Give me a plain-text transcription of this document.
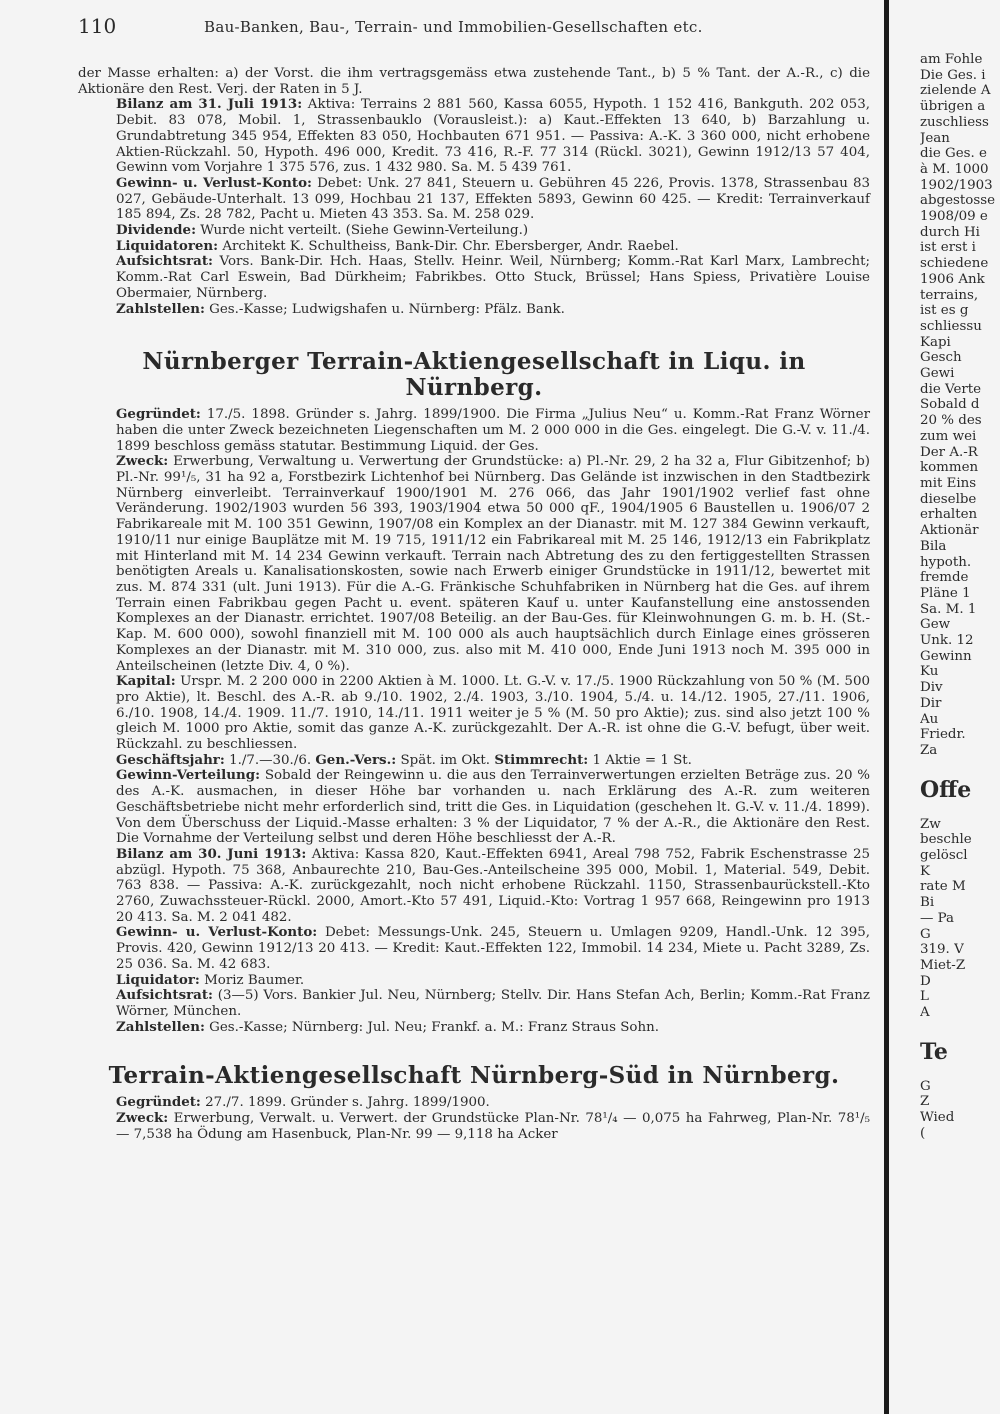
110	Bau-Banken, Bau-, Terrain- und Immobilien-Gesellschaften etc.

der Masse erhalten: a) der Vorst. die ihm vertragsgemäss etwa zustehende Tant., b) 5 % Tant. der A.-R., c) die Aktionäre den Rest. Verj. der Raten in 5 J.

Bilanz am 31. Juli 1913: Aktiva: Terrains 2 881 560, Kassa 6055, Hypoth. 1 152 416, Bankguth. 202 053, Debit. 83 078, Mobil. 1, Strassenbauklo (Vorausleist.): a) Kaut.-Effekten 13 640, b) Barzahlung u. Grundabtretung 345 954, Effekten 83 050, Hochbauten 671 951. — Passiva: A.-K. 3 360 000, nicht erhobene Aktien-Rückzahl. 50, Hypoth. 496 000, Kredit. 73 416, R.-F. 77 314 (Rückl. 3021), Gewinn 1912/13 57 404, Gewinn vom Vorjahre 1 375 576, zus. 1 432 980. Sa. M. 5 439 761.

Gewinn- u. Verlust-Konto: Debet: Unk. 27 841, Steuern u. Gebühren 45 226, Provis. 1378, Strassenbau 83 027, Gebäude-Unterhalt. 13 099, Hochbau 21 137, Effekten 5893, Gewinn 60 425. — Kredit: Terrainverkauf 185 894, Zs. 28 782, Pacht u. Mieten 43 353. Sa. M. 258 029.

Dividende: Wurde nicht verteilt. (Siehe Gewinn-Verteilung.)

Liquidatoren: Architekt K. Schultheiss, Bank-Dir. Chr. Ebersberger, Andr. Raebel.

Aufsichtsrat: Vors. Bank-Dir. Hch. Haas, Stellv. Heinr. Weil, Nürnberg; Komm.-Rat Karl Marx, Lambrecht; Komm.-Rat Carl Eswein, Bad Dürkheim; Fabrikbes. Otto Stuck, Brüssel; Hans Spiess, Privatière Louise Obermaier, Nürnberg.

Zahlstellen: Ges.-Kasse; Ludwigshafen u. Nürnberg: Pfälz. Bank.

Nürnberger Terrain-Aktiengesellschaft in Liqu. in Nürnberg.

Gegründet: 17./5. 1898. Gründer s. Jahrg. 1899/1900. Die Firma „Julius Neu“ u. Komm.-Rat Franz Wörner haben die unter Zweck bezeichneten Liegenschaften um M. 2 000 000 in die Ges. eingelegt. Die G.-V. v. 11./4. 1899 beschloss gemäss statutar. Bestimmung Liquid. der Ges.

Zweck: Erwerbung, Verwaltung u. Verwertung der Grundstücke: a) Pl.-Nr. 29, 2 ha 32 a, Flur Gibitzenhof; b) Pl.-Nr. 99¹/₅, 31 ha 92 a, Forstbezirk Lichtenhof bei Nürnberg. Das Gelände ist inzwischen in den Stadtbezirk Nürnberg einverleibt. Terrainverkauf 1900/1901 M. 276 066, das Jahr 1901/1902 verlief fast ohne Veränderung. 1902/1903 wurden 56 393, 1903/1904 etwa 50 000 qF., 1904/1905 6 Baustellen u. 1906/07 2 Fabrikareale mit M. 100 351 Gewinn, 1907/08 ein Komplex an der Dianastr. mit M. 127 384 Gewinn verkauft, 1910/11 nur einige Bauplätze mit M. 19 715, 1911/12 ein Fabrikareal mit M. 25 146, 1912/13 ein Fabrikplatz mit Hinterland mit M. 14 234 Gewinn verkauft. Terrain nach Abtretung des zu den fertiggestellten Strassen benötigten Areals u. Kanalisationskosten, sowie nach Erwerb einiger Grundstücke in 1911/12, bewertet mit zus. M. 874 331 (ult. Juni 1913). Für die A.-G. Fränkische Schuhfabriken in Nürnberg hat die Ges. auf ihrem Terrain einen Fabrikbau gegen Pacht u. event. späteren Kauf u. unter Kaufanstellung eine anstossenden Komplexes an der Dianastr. errichtet. 1907/08 Beteilig. an der Bau-Ges. für Kleinwohnungen G. m. b. H. (St.-Kap. M. 600 000), sowohl finanziell mit M. 100 000 als auch hauptsächlich durch Einlage eines grösseren Komplexes an der Dianastr. mit M. 310 000, zus. also mit M. 410 000, Ende Juni 1913 noch M. 395 000 in Anteilscheinen (letzte Div. 4, 0 %).

Kapital: Urspr. M. 2 200 000 in 2200 Aktien à M. 1000. Lt. G.-V. v. 17./5. 1900 Rückzahlung von 50 % (M. 500 pro Aktie), lt. Beschl. des A.-R. ab 9./10. 1902, 2./4. 1903, 3./10. 1904, 5./4. u. 14./12. 1905, 27./11. 1906, 6./10. 1908, 14./4. 1909. 11./7. 1910, 14./11. 1911 weiter je 5 % (M. 50 pro Aktie); zus. sind also jetzt 100 % gleich M. 1000 pro Aktie, somit das ganze A.-K. zurückgezahlt. Der A.-R. ist ohne die G.-V. befugt, über weit. Rückzahl. zu beschliessen.

Geschäftsjahr: 1./7.—30./6. Gen.-Vers.: Spät. im Okt. Stimmrecht: 1 Aktie = 1 St.

Gewinn-Verteilung: Sobald der Reingewinn u. die aus den Terrainverwertungen erzielten Beträge zus. 20 % des A.-K. ausmachen, in dieser Höhe bar vorhanden u. nach Erklärung des A.-R. zum weiteren Geschäftsbetriebe nicht mehr erforderlich sind, tritt die Ges. in Liquidation (geschehen lt. G.-V. v. 11./4. 1899). Von dem Überschuss der Liquid.-Masse erhalten: 3 % der Liquidator, 7 % der A.-R., die Aktionäre den Rest. Die Vornahme der Verteilung selbst und deren Höhe beschliesst der A.-R.

Bilanz am 30. Juni 1913: Aktiva: Kassa 820, Kaut.-Effekten 6941, Areal 798 752, Fabrik Eschenstrasse 25 abzügl. Hypoth. 75 368, Anbaurechte 210, Bau-Ges.-Anteilscheine 395 000, Mobil. 1, Material. 549, Debit. 763 838. — Passiva: A.-K. zurückgezahlt, noch nicht erhobene Rückzahl. 1150, Strassenbaurückstell.-Kto 2760, Zuwachssteuer-Rückl. 2000, Amort.-Kto 57 491, Liquid.-Kto: Vortrag 1 957 668, Reingewinn pro 1913 20 413. Sa. M. 2 041 482.

Gewinn- u. Verlust-Konto: Debet: Messungs-Unk. 245, Steuern u. Umlagen 9209, Handl.-Unk. 12 395, Provis. 420, Gewinn 1912/13 20 413. — Kredit: Kaut.-Effekten 122, Immobil. 14 234, Miete u. Pacht 3289, Zs. 25 036. Sa. M. 42 683.

Liquidator: Moriz Baumer.

Aufsichtsrat: (3—5) Vors. Bankier Jul. Neu, Nürnberg; Stellv. Dir. Hans Stefan Ach, Berlin; Komm.-Rat Franz Wörner, München.

Zahlstellen: Ges.-Kasse; Nürnberg: Jul. Neu; Frankf. a. M.: Franz Straus Sohn.

Terrain-Aktiengesellschaft Nürnberg-Süd in Nürnberg.

Gegründet: 27./7. 1899. Gründer s. Jahrg. 1899/1900.

Zweck: Erwerbung, Verwalt. u. Verwert. der Grundstücke Plan-Nr. 78¹/₄ — 0,075 ha Fahrweg, Plan-Nr. 78¹/₅ — 7,538 ha Ödung am Hasenbuck, Plan-Nr. 99 — 9,118 ha Acker

am Fohle
Die Ges. i
zielende A
übrigen a
zuschliess
Jean
die Ges. e
à M. 1000
1902/1903
abgestosse
1908/09 e
durch Hi
ist erst i
schiedene
1906 Ank
terrains,
ist es g
schliessu
Kapi
Gesch
Gewi
die Verte
Sobald d
20 % des
zum wei
Der A.-R
kommen
mit Eins
dieselbe
erhalten
Aktionär
Bila
hypoth.
fremde
Pläne 1
Sa. M. 1
Gew
Unk. 12
Gewinn
Ku
Div
Dir
Au
Friedr.
Za
Offe
Zw
beschle
gelöscl
K
rate M
Bi
— Pa
G
319. V
Miet-Z
D
L
A
Te
G
Z
Wied
(
